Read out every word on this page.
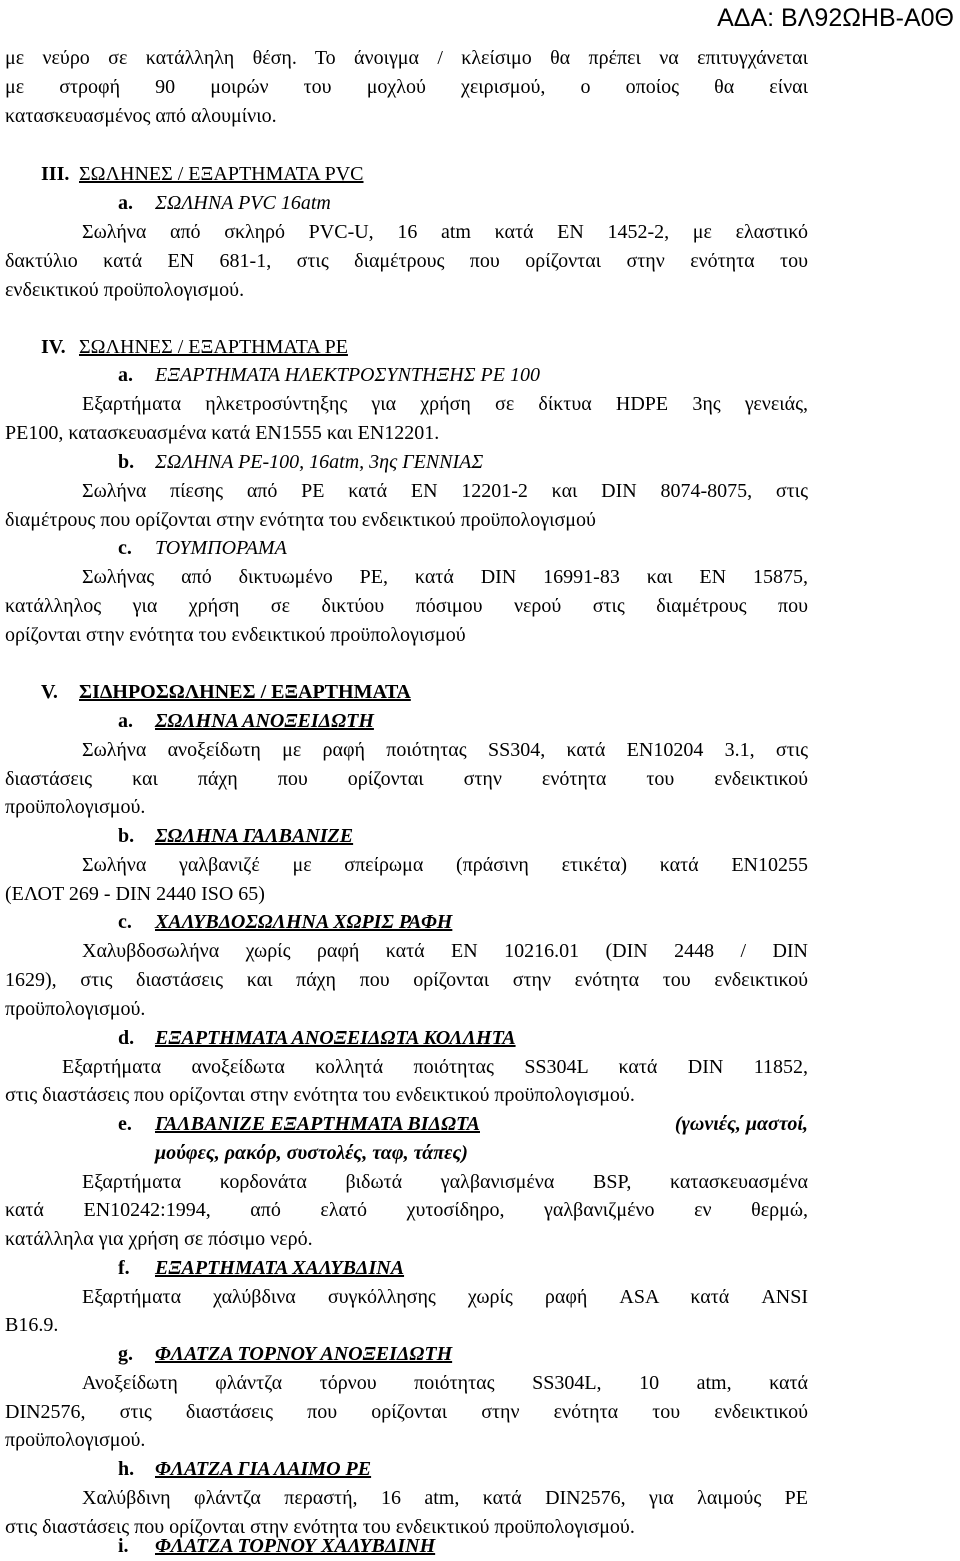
ΑΔΑ: ΒΛ92ΩΗΒ-Α0Θ
με νεύρο σε κατάλληλη θέση. Το άνοιγμα / κλείσιμο θα πρέπει να επιτυγχάνεται
με στροφή 90 μοιρών του μοχλού χειρισμού, ο οποίος θα είναι
κατασκευασμένος από αλουμίνιο.
III. ΣΩΛΗΝΕΣ / ΕΞΑΡΤΗΜΑΤΑ PVC
a. ΣΩΛΗΝΑ PVC 16atm
Σωλήνα από σκληρό PVC-U, 16 atm κατά EN 1452-2, με ελαστικό
δακτύλιο κατά EN 681-1, στις διαμέτρους που ορίζονται στην ενότητα του
ενδεικτικού προϋπολογισμού.
IV. ΣΩΛΗΝΕΣ / ΕΞΑΡΤΗΜΑΤΑ PE
a. ΕΞΑΡΤΗΜΑΤΑ ΗΛΕΚΤΡΟΣΥΝΤΗΞΗΣ PE 100
Εξαρτήματα ηλκετροσύντηξης για χρήση σε δίκτυα HDPE 3ης γενειάς,
PE100, κατασκευασμένα κατά EN1555 και EN12201.
b. ΣΩΛΗΝΑ PE-100, 16atm, 3ης ΓΕΝΝΙΑΣ
Σωλήνα πίεσης από PE κατά EN 12201-2 και DIN 8074-8075, στις
διαμέτρους που ορίζονται στην ενότητα του ενδεικτικού προϋπολογισμού
c. ΤΟΥΜΠΟΡΑΜΑ
Σωλήνας από δικτυωμένο PE, κατά DIN 16991-83 και EN 15875,
κατάλληλος για χρήση σε δικτύου πόσιμου νερού στις διαμέτρους που
ορίζονται στην ενότητα του ενδεικτικού προϋπολογισμού
V. ΣΙΔΗΡΟΣΩΛΗΝΕΣ / ΕΞΑΡΤΗΜΑΤΑ
a. ΣΩΛΗΝΑ ΑΝΟΞΕΙΔΩΤΗ
Σωλήνα ανοξείδωτη με ραφή ποιότητας SS304, κατά EN10204 3.1, στις
διαστάσεις και πάχη που ορίζονται στην ενότητα του ενδεικτικού
προϋπολογισμού.
b. ΣΩΛΗΝΑ ΓΑΛΒΑΝΙΖΕ
Σωλήνα γαλβανιζέ με σπείρωμα (πράσινη ετικέτα) κατά EN10255
(ΕΛΟΤ 269 - DIN 2440 ISO 65)
c. ΧΑΛΥΒΔΟΣΩΛΗΝΑ ΧΩΡΙΣ ΡΑΦΗ
Χαλυβδοσωλήνα χωρίς ραφή κατά EN 10216.01 (DIN 2448 / DIN
1629), στις διαστάσεις και πάχη που ορίζονται στην ενότητα του ενδεικτικού
προϋπολογισμού.
d. ΕΞΑΡΤΗΜΑΤΑ ΑΝΟΞΕΙΔΩΤΑ ΚΟΛΛΗΤΑ
Εξαρτήματα ανοξείδωτα κολλητά ποιότητας SS304L κατά DIN 11852,
στις διαστάσεις που ορίζονται στην ενότητα του ενδεικτικού προϋπολογισμού.
e. ΓΑΛΒΑΝΙΖΕ ΕΞΑΡΤΗΜΑΤΑ ΒΙΔΩΤΑ	(γωνιές, μαστοί,
μούφες, ρακόρ, συστολές, ταφ, τάπες)
Εξαρτήματα κορδονάτα βιδωτά γαλβανισμένα BSP, κατασκευασμένα
κατά EN10242:1994, από ελατό χυτοσίδηρο, γαλβανιζμένο εν θερμώ,
κατάλληλα για χρήση σε πόσιμο νερό.
f. ΕΞΑΡΤΗΜΑΤΑ ΧΑΛΥΒΔΙΝΑ
Εξαρτήματα χαλύβδινα συγκόλλησης χωρίς ραφή ASA κατά ANSI
B16.9.
g. ΦΛΑΤΖΑ ΤΟΡΝΟΥ ΑΝΟΞΕΙΔΩΤΗ
Ανοξείδωτη φλάντζα τόρνου ποιότητας SS304L, 10 atm, κατά
DIN2576, στις διαστάσεις που ορίζονται στην ενότητα του ενδεικτικού
προϋπολογισμού.
h. ΦΛΑΤΖΑ ΓΙΑ ΛΑΙΜΟ PE
Χαλύβδινη φλάντζα περαστή, 16 atm, κατά DIN2576, για λαιμούς PE
στις διαστάσεις που ορίζονται στην ενότητα του ενδεικτικού προϋπολογισμού.
i. ΦΛΑΤΖΑ ΤΟΡΝΟΥ ΧΑΛΥΒΔΙΝΗ
